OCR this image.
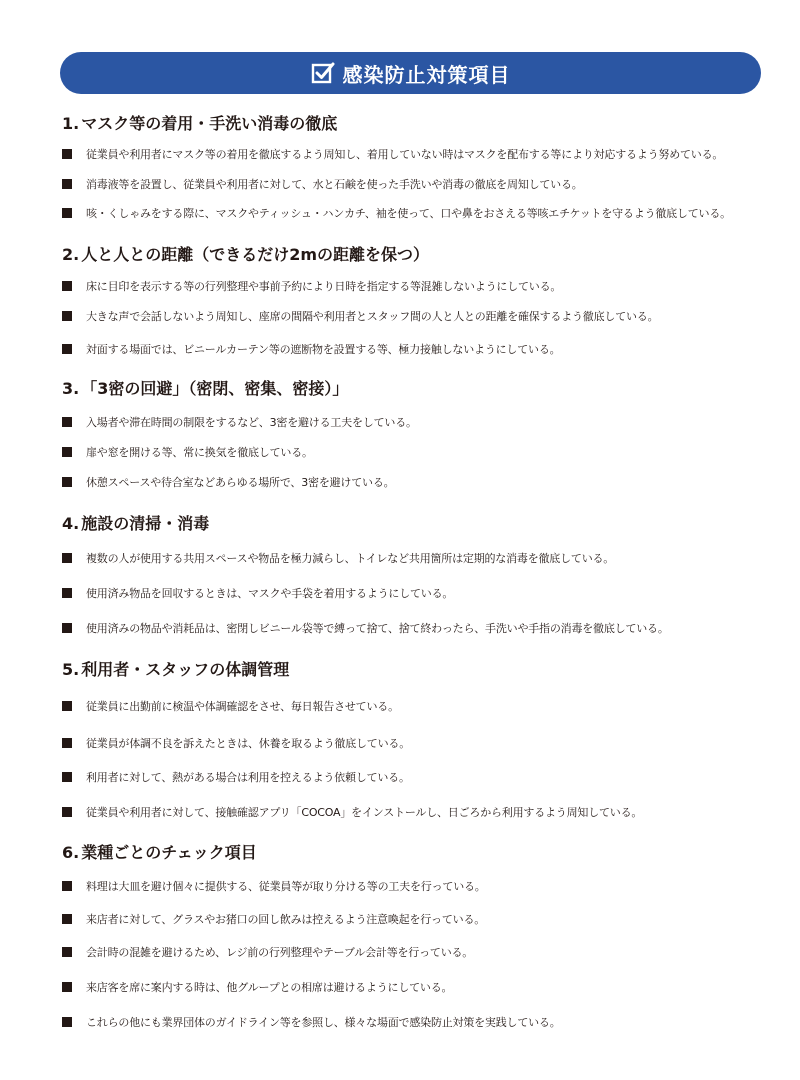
感染防止対策項目
1. マスク等の着用・手洗い消毒の徹底
従業員や利用者にマスク等の着用を徹底するよう周知し、着用していない時はマスクを配布する等により対応するよう努めている。
消毒液等を設置し、従業員や利用者に対して、水と石鹸を使った手洗いや消毒の徹底を周知している。
咳・くしゃみをする際に、マスクやティッシュ・ハンカチ、袖を使って、口や鼻をおさえる等咳エチケットを守るよう徹底している。
2. 人と人との距離（できるだけ2mの距離を保つ）
床に目印を表示する等の行列整理や事前予約により日時を指定する等混雑しないようにしている。
大きな声で会話しないよう周知し、座席の間隔や利用者とスタッフ間の人と人との距離を確保するよう徹底している。
対面する場面では、ビニールカーテン等の遮断物を設置する等、極力接触しないようにしている。
3. 「3密の回避」（密閉、密集、密接）」
入場者や滞在時間の制限をするなど、3密を避ける工夫をしている。
扉や窓を開ける等、常に換気を徹底している。
休憩スペースや待合室などあらゆる場所で、3密を避けている。
4. 施設の清掃・消毒
複数の人が使用する共用スペースや物品を極力減らし、トイレなど共用箇所は定期的な消毒を徹底している。
使用済み物品を回収するときは、マスクや手袋を着用するようにしている。
使用済みの物品や消耗品は、密閉しビニール袋等で縛って捨て、捨て終わったら、手洗いや手指の消毒を徹底している。
5. 利用者・スタッフの体調管理
従業員に出勤前に検温や体調確認をさせ、毎日報告させている。
従業員が体調不良を訴えたときは、休養を取るよう徹底している。
利用者に対して、熱がある場合は利用を控えるよう依頼している。
従業員や利用者に対して、接触確認アプリ「COCOA」をインストールし、日ごろから利用するよう周知している。
6. 業種ごとのチェック項目
料理は大皿を避け個々に提供する、従業員等が取り分ける等の工夫を行っている。
来店者に対して、グラスやお猪口の回し飲みは控えるよう注意喚起を行っている。
会計時の混雑を避けるため、レジ前の行列整理やテーブル会計等を行っている。
来店客を席に案内する時は、他グループとの相席は避けるようにしている。
これらの他にも業界団体のガイドライン等を参照し、様々な場面で感染防止対策を実践している。
